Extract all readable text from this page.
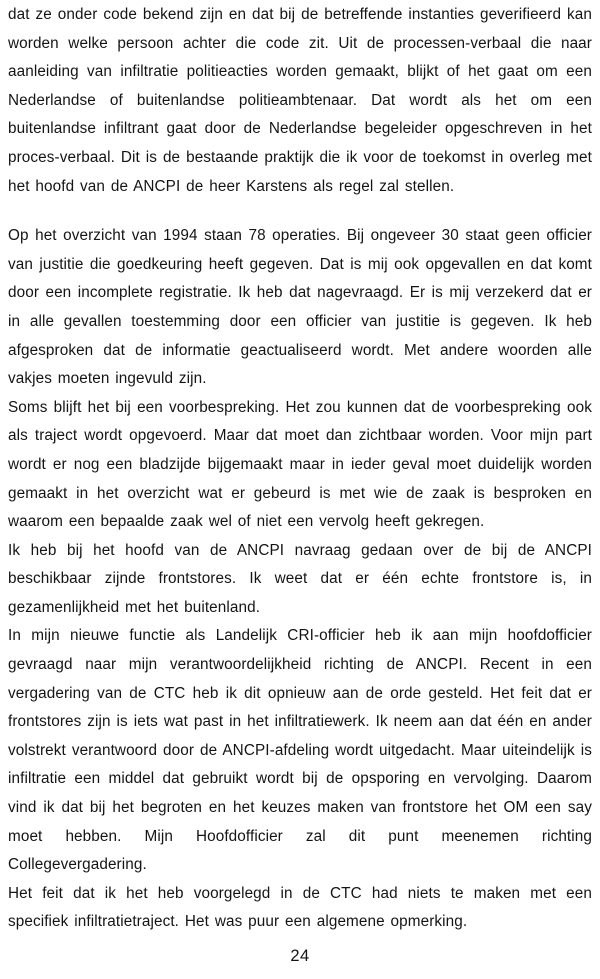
dat ze onder code bekend zijn en dat bij de betreffende instanties geverifieerd kan worden welke persoon achter die code zit. Uit de processen-verbaal die naar aanleiding van infiltratie politieacties worden gemaakt, blijkt of het gaat om een Nederlandse of buitenlandse politieambtenaar. Dat wordt als het om een buitenlandse infiltrant gaat door de Nederlandse begeleider opgeschreven in het proces-verbaal. Dit is de bestaande praktijk die ik voor de toekomst in overleg met het hoofd van de ANCPI de heer Karstens als regel zal stellen.

Op het overzicht van 1994 staan 78 operaties. Bij ongeveer 30 staat geen officier van justitie die goedkeuring heeft gegeven. Dat is mij ook opgevallen en dat komt door een incomplete registratie. Ik heb dat nagevraagd. Er is mij verzekerd dat er in alle gevallen toestemming door een officier van justitie is gegeven. Ik heb afgesproken dat de informatie geactualiseerd wordt. Met andere woorden alle vakjes moeten ingevuld zijn.

Soms blijft het bij een voorbespreking. Het zou kunnen dat de voorbespreking ook als traject wordt opgevoerd. Maar dat moet dan zichtbaar worden. Voor mijn part wordt er nog een bladzijde bijgemaakt maar in ieder geval moet duidelijk worden gemaakt in het overzicht wat er gebeurd is met wie de zaak is besproken en waarom een bepaalde zaak wel of niet een vervolg heeft gekregen.

Ik heb bij het hoofd van de ANCPI navraag gedaan over de bij de ANCPI beschikbaar zijnde frontstores. Ik weet dat er één echte frontstore is, in gezamenlijkheid met het buitenland.

In mijn nieuwe functie als Landelijk CRI-officier heb ik aan mijn hoofdofficier gevraagd naar mijn verantwoordelijkheid richting de ANCPI. Recent in een vergadering van de CTC heb ik dit opnieuw aan de orde gesteld. Het feit dat er frontstores zijn is iets wat past in het infiltratiewerk. Ik neem aan dat één en ander volstrekt verantwoord door de ANCPI-afdeling wordt uitgedacht. Maar uiteindelijk is infiltratie een middel dat gebruikt wordt bij de opsporing en vervolging. Daarom vind ik dat bij het begroten en het keuzes maken van frontstore het OM een say moet hebben. Mijn Hoofdofficier zal dit punt meenemen richting Collegevergadering.

Het feit dat ik het heb voorgelegd in de CTC had niets te maken met een specifiek infiltratietraject. Het was puur een algemene opmerking.

24
